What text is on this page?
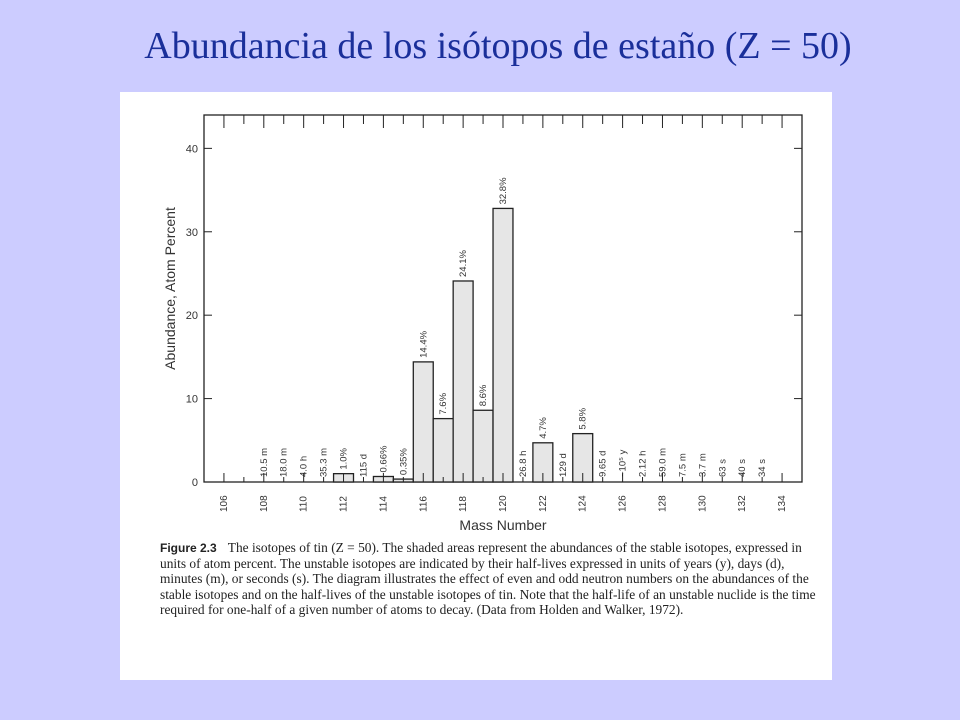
Abundancia de los isótopos de estaño (Z = 50)
1.0%	0.66% 0.35%
14.4%
7.6%
24.1%
8.6%
32.8%
4.7%	5.8%
10.5 m 18.0 m 4.0 h 35.3 m	115 d	26.8 h	129 d	9.65 d ~10⁵ y 2.12 h 59.0 m 7.5 m 3.7 m 63 s 40 s 34 s
106	108	110	112	114	116	118	120	122	124	126	128	130	132	134
0
10
20
30
40
Mass Number
Abundance, Atom Percent
Figure 2.3 The isotopes of tin (Z = 50). The shaded areas represent the abundances of the stable isotopes, expressed in units of atom percent. The unstable isotopes are indicated by their half-lives expressed in units of years (y), days (d), minutes (m), or seconds (s). The diagram illustrates the effect of even and odd neutron numbers on the abundances of the stable isotopes and on the half-lives of the unstable isotopes of tin. Note that the half-life of an unstable nuclide is the time required for one-half of a given number of atoms to decay. (Data from Holden and Walker, 1972).
